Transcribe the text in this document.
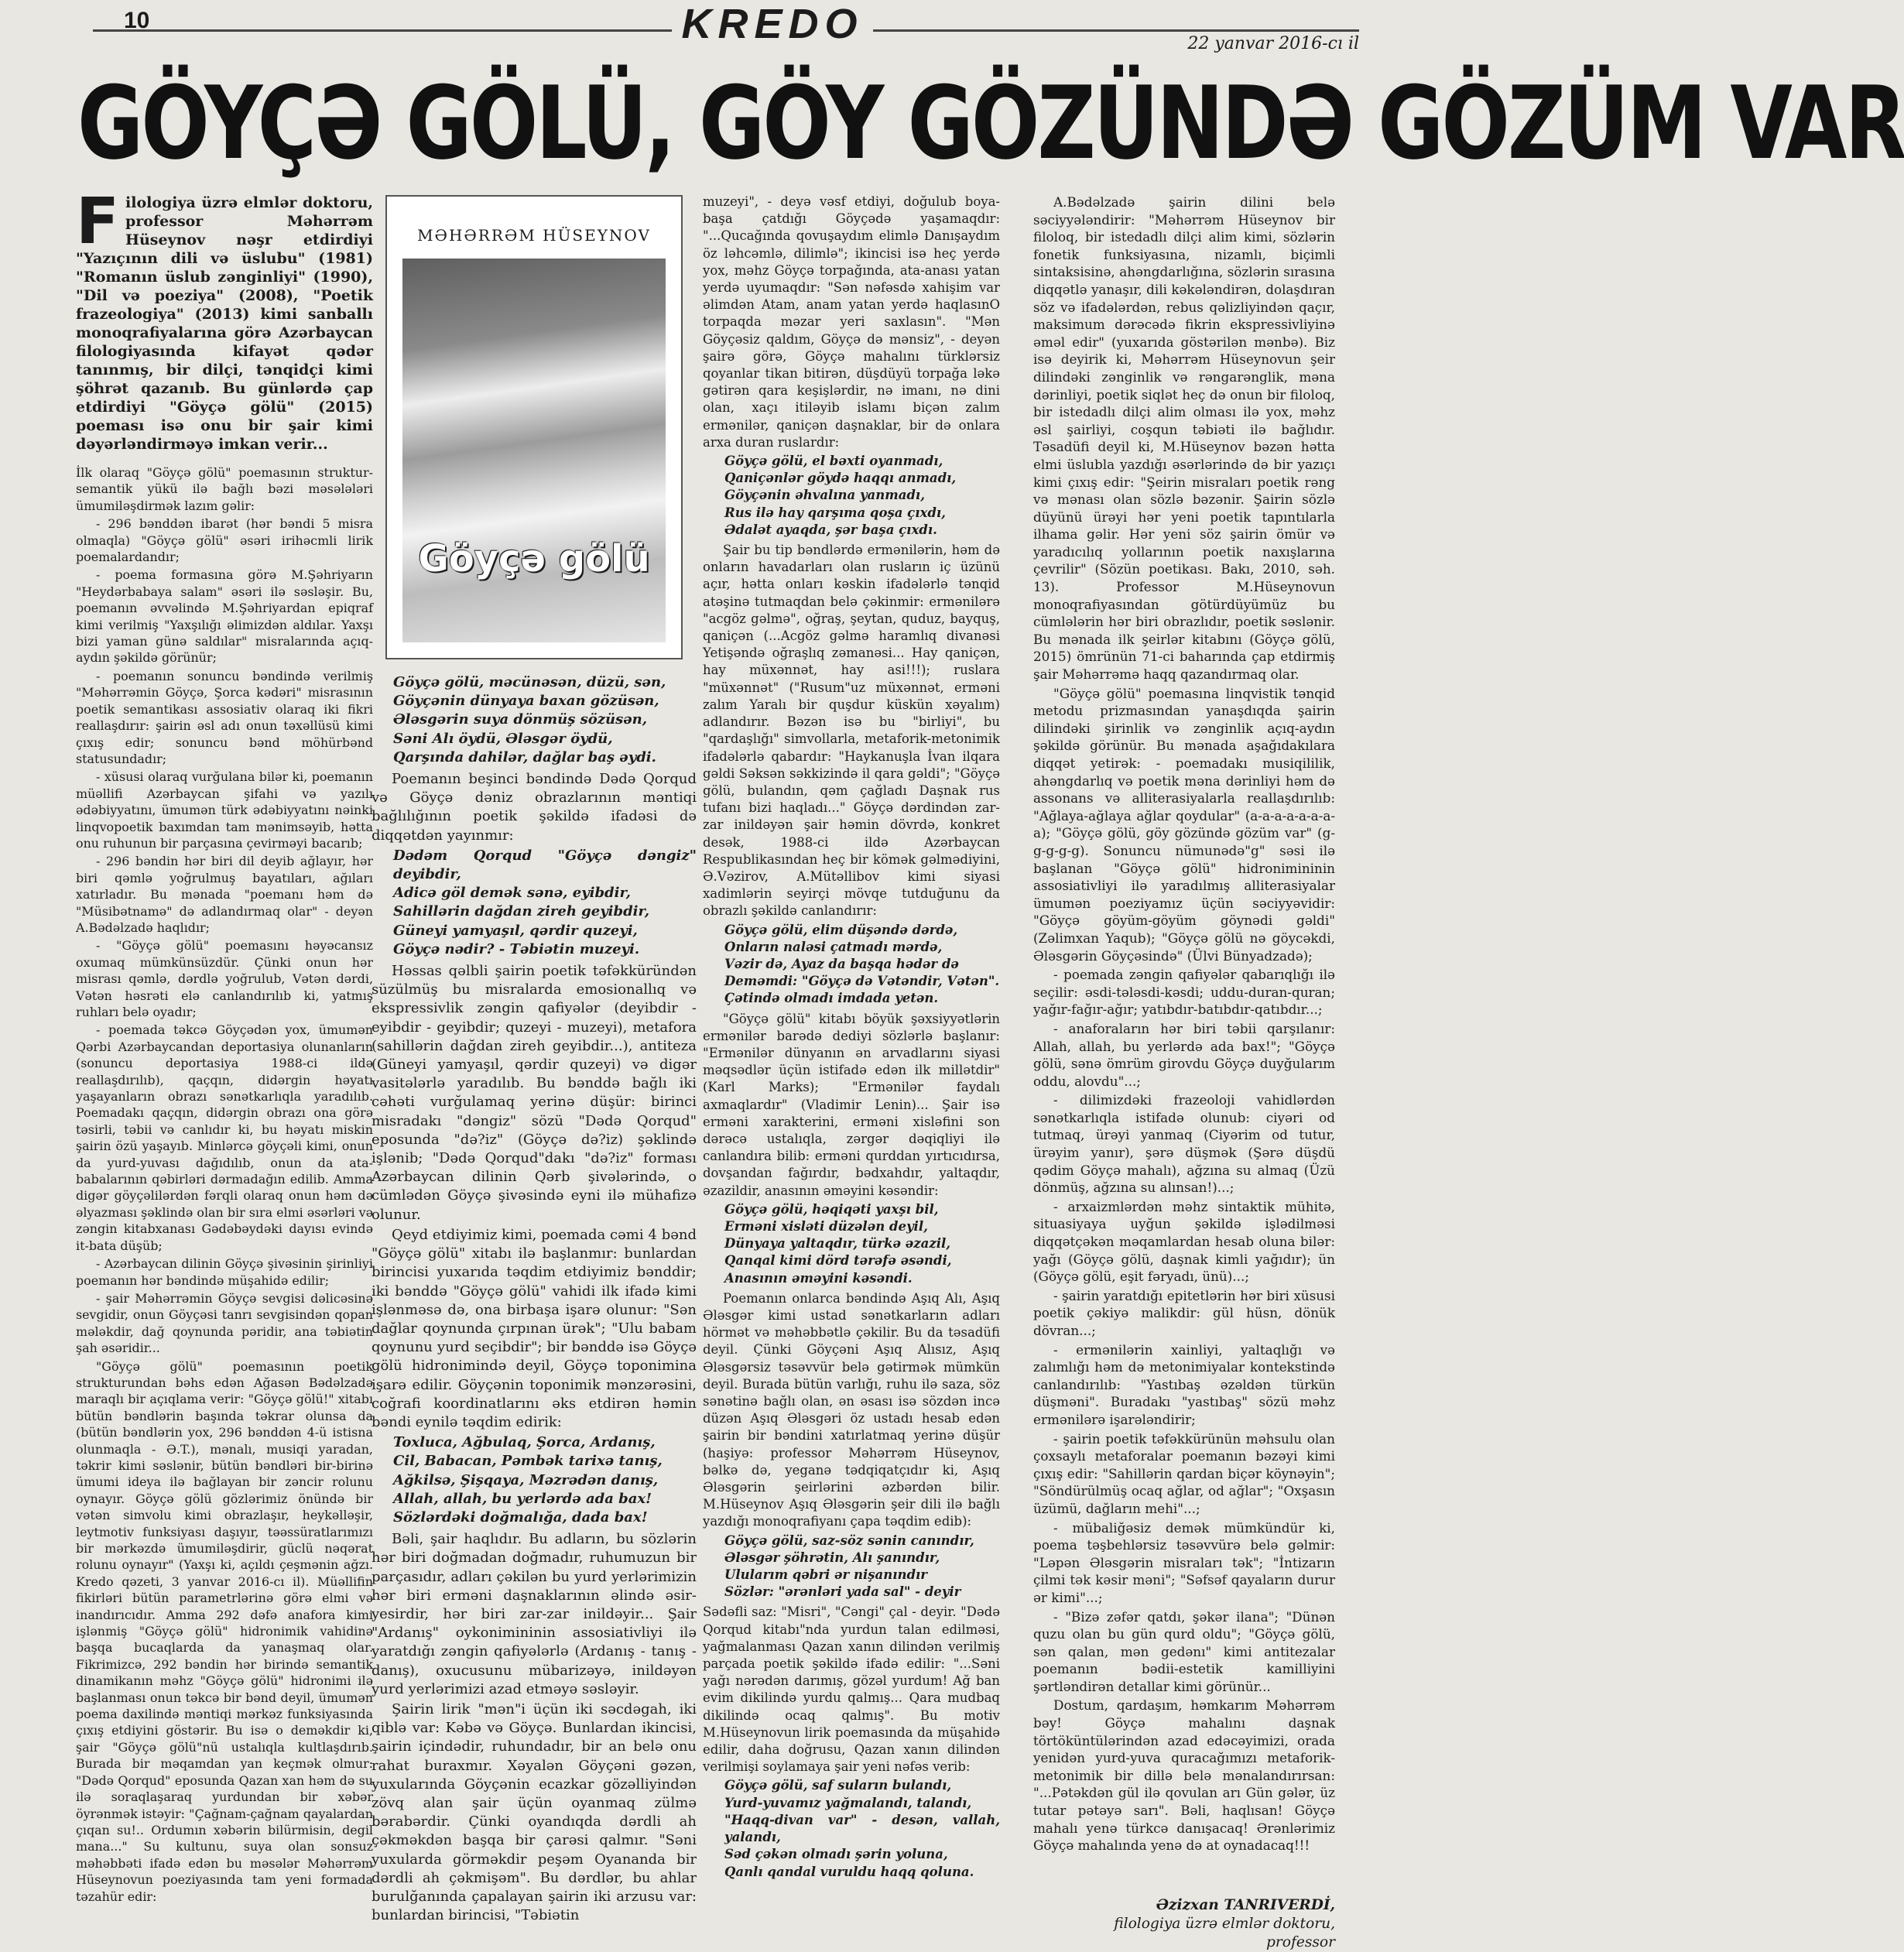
10	KREDO	22 yanvar 2016-cı il
GÖYÇƏ GÖLÜ, GÖY GÖZÜNDƏ GÖZÜM VAR
Filologiya üzrə elmlər doktoru, professor Məhərrəm Hüseynov nəşr etdirdiyi "Yazıçının dili və üslubu" (1981) "Romanın üslub zənginliyi" (1990), "Dil və poeziya" (2008), "Poetik frazeologiya" (2013) kimi sanballı monoqrafiyalarına görə Azərbaycan filologiyasında kifayət qədər tanınmış, bir dilçi, tənqidçi kimi şöhrət qazanıb. Bu günlərdə çap etdirdiyi "Göyçə gölü" (2015) poeması isə onu bir şair kimi dəyərləndirməyə imkan verir...

İlk olaraq "Göyçə gölü" poemasının struktur-semantik yükü ilə bağlı bəzi məsələləri ümumiləşdirmək lazım gəlir:

- 296 bənddən ibarət (hər bəndi 5 misra olmaqla) "Göyçə gölü" əsəri irihəcmli lirik poemalardandır;

- poema formasına görə M.Şəhriyarın "Heydərbabaya salam" əsəri ilə səsləşir. Bu, poemanın əvvəlində M.Şəhriyardan epiqraf kimi verilmiş "Yaxşılığı əlimizdən aldılar. Yaxşı bizi yaman günə saldılar" misralarında açıq-aydın şəkildə görünür;

- poemanın sonuncu bəndində verilmiş "Məhərrəmin Göyçə, Şorca kədəri" misrasının poetik semantikası assosiativ olaraq iki fikri reallaşdırır: şairin əsl adı onun təxəllüsü kimi çıxış edir; sonuncu bənd möhürbənd statusundadır;

- xüsusi olaraq vurğulana bilər ki, poemanın müəllifi Azərbaycan şifahi və yazılı ədəbiyyatını, ümumən türk ədəbiyyatını nəinki linqvopoetik baxımdan tam mənimsəyib, hətta onu ruhunun bir parçasına çevirməyi bacarıb;

- 296 bəndin hər biri dil deyib ağlayır, hər biri qəmlə yoğrulmuş bayatıları, ağıları xatırladır. Bu mənada "poemanı həm də "Müsibətnamə" də adlandırmaq olar" - deyən A.Bədəlzadə haqlıdır;

- "Göyçə gölü" poemasını həyəcansız oxumaq mümkünsüzdür. Çünki onun hər misrası qəmlə, dərdlə yoğrulub, Vətən dərdi, Vətən həsrəti elə canlandırılıb ki, yatmış ruhları belə oyadır;

- poemada təkcə Göyçədən yox, ümumən Qərbi Azərbaycandan deportasiya olunanların (sonuncu deportasiya 1988-ci ildə reallaşdırılıb), qaçqın, didərgin həyatı yaşayanların obrazı sənətkarlıqla yaradılıb. Poemadakı qaçqın, didərgin obrazı ona görə təsirli, təbii və canlıdır ki, bu həyatı miskin şairin özü yaşayıb. Minlərcə göyçəli kimi, onun da yurd-yuvası dağıdılıb, onun da ata-babalarının qəbirləri dərmadağın edilib. Amma digər göyçəlilərdən fərqli olaraq onun həm də əlyazması şəklində olan bir sıra elmi əsərləri və zəngin kitabxanası Gədəbəydəki dayısı evində it-bata düşüb;

- Azərbaycan dilinin Göyçə şivəsinin şirinliyi poemanın hər bəndində müşahidə edilir;

- şair Məhərrəmin Göyçə sevgisi dəlicəsinə sevgidir, onun Göyçəsi tanrı sevgisindən qopan mələkdir, dağ qoynunda pəridir, ana təbiətin şah əsəridir...

"Göyçə gölü" poemasının poetik strukturundan bəhs edən Ağasən Bədəlzadə maraqlı bir açıqlama verir: "Göyçə gölü!" xitabı bütün bəndlərin başında təkrar olunsa da (bütün bəndlərin yox, 296 bənddən 4-ü istisna olunmaqla - Ə.T.), mənalı, musiqi yaradan, təkrir kimi səslənir, bütün bəndləri bir-birinə ümumi ideya ilə bağlayan bir zəncir rolunu oynayır. Göyçə gölü gözlərimiz önündə bir vətən simvolu kimi obrazlaşır, heykəlləşir, leytmotiv funksiyası daşıyır, təəssüratlarımızı bir mərkəzdə ümumiləşdirir, güclü nəqərat rolunu oynayır" (Yaxşı ki, açıldı çeşmənin ağzı. Kredo qəzeti, 3 yanvar 2016-cı il). Müəllifin fikirləri bütün parametrlərinə görə elmi və inandırıcıdır. Amma 292 dəfə anafora kimi işlənmiş "Göyçə gölü" hidronimik vahidinə başqa bucaqlarda da yanaşmaq olar. Fikrimizcə, 292 bəndin hər birində semantik dinamikanın məhz "Göyçə gölü" hidronimi ilə başlanması onun təkcə bir bənd deyil, ümumən poema daxilində məntiqi mərkəz funksiyasında çıxış etdiyini göstərir. Bu isə o deməkdir ki, şair "Göyçə gölü"nü ustalıqla kultlaşdırıb. Burada bir məqamdan yan keçmək olmur: "Dədə Qorqud" eposunda Qazan xan həm də su ilə soraqlaşaraq yurdundan bir xəbər öyrənmək istəyir: "Çağnam-çağnam qayalardan çıqan su!.. Ordumın xəbərin bilürmisin, degil mana..." Su kultunu, suya olan sonsuz məhəbbəti ifadə edən bu məsələr Məhərrəm Hüseynovun poeziyasında tam yeni formada təzahür edir:

MƏHƏRRƏM HÜSEYNOV
Göyçə gölü
Göyçə gölü, məcünəsən, düzü, sən,
Göyçənin dünyaya baxan gözüsən,
Ələsgərin suya dönmüş sözüsən,
Səni Alı öydü, Ələsgər öydü,
Qarşında dahilər, dağlar baş əydi.

Poemanın beşinci bəndində Dədə Qorqud və Göyçə dəniz obrazlarının məntiqi bağlılığının poetik şəkildə ifadəsi də diqqətdən yayınmır:

Dədəm Qorqud "Göyçə dəngiz" deyibdir,
Adicə göl demək sənə, eyibdir,
Sahillərin dağdan zireh geyibdir,
Güneyi yamyaşıl, qərdir quzeyi,
Göyçə nədir? - Təbiətin muzeyi.

Həssas qəlbli şairin poetik təfəkküründən süzülmüş bu misralarda emosionallıq və ekspressivlik zəngin qafiyələr (deyibdir - eyibdir - geyibdir; quzeyi - muzeyi), metafora (sahillərin dağdan zireh geyibdir...), antiteza (Güneyi yamyaşıl, qərdir quzeyi) və digər vasitələrlə yaradılıb. Bu bənddə bağlı iki cəhəti vurğulamaq yerinə düşür: birinci misradakı "dəngiz" sözü "Dədə Qorqud" eposunda "də?iz" (Göyçə də?iz) şəklində işlənib; "Dədə Qorqud"dakı "də?iz" forması Azərbaycan dilinin Qərb şivələrində, o cümlədən Göyçə şivəsində eyni ilə mühafizə olunur.

Qeyd etdiyimiz kimi, poemada cəmi 4 bənd "Göyçə gölü" xitabı ilə başlanmır: bunlardan birincisi yuxarıda təqdim etdiyimiz bənddir; iki bənddə "Göyçə gölü" vahidi ilk ifadə kimi işlənməsə də, ona birbaşa işarə olunur: "Sən dağlar qoynunda çırpınan ürək"; "Ulu babam qoynunu yurd seçibdir"; bir bənddə isə Göyçə gölü hidronimində deyil, Göyçə toponimina işarə edilir. Göyçənin toponimik mənzərəsini, coğrafi koordinatlarını əks etdirən həmin bəndi eynilə təqdim edirik:

Toxluca, Ağbulaq, Şorca, Ardanış,
Cil, Babacan, Pəmbək tarixə tanış,
Ağkilsə, Şişqaya, Məzrədən danış,
Allah, allah, bu yerlərdə ada bax!
Sözlərdəki doğmalığa, dada bax!

Bəli, şair haqlıdır. Bu adların, bu sözlərin hər biri doğmadan doğmadır, ruhumuzun bir parçasıdır, adları çəkilən bu yurd yerlərimizin hər biri erməni daşnaklarının əlində əsir-yesirdir, hər biri zar-zar inildəyir... Şair "Ardanış" oykonimininin assosiativliyi ilə yaratdığı zəngin qafiyələrlə (Ardanış - tanış - danış), oxucusunu mübarizəyə, inildəyən yurd yerlərimizi azad etməyə səsləyir.

Şairin lirik "mən"i üçün iki səcdəgah, iki qiblə var: Kəbə və Göyçə. Bunlardan ikincisi, şairin içindədir, ruhundadır, bir an belə onu rahat buraxmır. Xəyalən Göyçəni gəzən, yuxularında Göyçənin ecazkar gözəlliyindən zövq alan şair üçün oyanmaq zülmə bərabərdir. Çünki oyandıqda dərdli ah çəkməkdən başqa bir çarəsi qalmır. "Səni yuxularda görməkdir peşəm Oyananda bir dərdli ah çəkmişəm". Bu dərdlər, bu ahlar burulğanında çapalayan şairin iki arzusu var: bunlardan birincisi, "Təbiətin

muzeyi", - deyə vəsf etdiyi, doğulub boya-başa çatdığı Göyçədə yaşamaqdır: "...Qucağında qovuşaydım elimlə Danışaydım öz ləhcəmlə, dilimlə"; ikincisi isə heç yerdə yox, məhz Göyçə torpağında, ata-anası yatan yerdə uyumaqdır: "Sən nəfəsdə xahişim var əlimdən Atam, anam yatan yerdə haqlasınO torpaqda məzar yeri saxlasın". "Mən Göyçəsiz qaldım, Göyçə də mənsiz", - deyən şairə görə, Göyçə mahalını türklərsiz qoyanlar tikan bitirən, düşdüyü torpağa ləkə gətirən qara keşişlərdir, nə imanı, nə dini olan, xaçı itiləyib islamı biçən zalım ermənilər, qaniçən daşnaklar, bir də onlara arxa duran ruslardır:

Göyçə gölü, el bəxti oyanmadı,
Qaniçənlər göydə haqqı anmadı,
Göyçənin əhvalına yanmadı,
Rus ilə hay qarşıma qoşa çıxdı,
Ədalət ayaqda, şər başa çıxdı.

Şair bu tip bəndlərdə ermənilərin, həm də onların havadarları olan rusların iç üzünü açır, hətta onları kəskin ifadələrlə tənqid atəşinə tutmaqdan belə çəkinmir: ermənilərə "acgöz gəlmə", oğraş, şeytan, quduz, bayquş, qaniçən (...Acgöz gəlmə haramlıq divanəsi Yetişəndə oğraşlıq zəmanəsi... Hay qaniçən, hay müxənnət, hay asi!!!); ruslara "müxənnət" ("Rusum"uz müxənnət, erməni zalım Yaralı bir quşdur küskün xəyalım) adlandırır. Bəzən isə bu "birliyi", bu "qardaşlığı" simvollarla, metaforik-metonimik ifadələrlə qabardır: "Haykanuşla İvan ilqara gəldi Səksən səkkizində il qara gəldi"; "Göyçə gölü, bulandın, qəm çağladı Daşnak rus tufanı bizi haqladı..." Göyçə dərdindən zar-zar inildəyən şair həmin dövrdə, konkret desək, 1988-ci ildə Azərbaycan Respublikasından heç bir kömək gəlmədiyini, Ə.Vəzirov, A.Mütəllibov kimi siyasi xadimlərin seyirçi mövqe tutduğunu da obrazlı şəkildə canlandırır:

Göyçə gölü, elim düşəndə dərdə,
Onların naləsi çatmadı mərdə,
Vəzir də, Ayaz da başqa hədər də
Deməmdi: "Göyçə də Vətəndir, Vətən".
Çətində olmadı imdada yetən.

"Göyçə gölü" kitabı böyük şəxsiyyətlərin ermənilər barədə dediyi sözlərlə başlanır: "Ermənilər dünyanın ən arvadlarını siyasi məqsədlər üçün istifadə edən ilk millətdir" (Karl Marks); "Ermənilər faydalı axmaqlardır" (Vladimir Lenin)... Şair isə erməni xarakterini, erməni xisləfini son dərəcə ustalıqla, zərgər dəqiqliyi ilə canlandıra bilib: erməni qurddan yırtıcıdırsa, dovşandan fağırdır, bədxahdır, yaltaqdır, əzazildir, anasının əməyini kəsəndir:

Göyçə gölü, həqiqəti yaxşı bil,
Erməni xisləti düzələn deyil,
Dünyaya yaltaqdır, türkə əzazil,
Qanqal kimi dörd tərəfə əsəndi,
Anasının əməyini kəsəndi.

Poemanın onlarca bəndində Aşıq Alı, Aşıq Ələsgər kimi ustad sənətkarların adları hörmət və məhəbbətlə çəkilir. Bu da təsadüfi deyil. Çünki Göyçəni Aşıq Alısız, Aşıq Ələsgərsiz təsəvvür belə gətirmək mümkün deyil. Burada bütün varlığı, ruhu ilə saza, söz sənətinə bağlı olan, ən əsası isə sözdən incə düzən Aşıq Ələsgəri öz ustadı hesab edən şairin bir bəndini xatırlatmaq yerinə düşür (haşiyə: professor Məhərrəm Hüseynov, bəlkə də, yeganə tədqiqatçıdır ki, Aşıq Ələsgərin şeirlərini əzbərdən bilir. M.Hüseynov Aşıq Ələsgərin şeir dili ilə bağlı yazdığı monoqrafiyanı çapa təqdim edib):

Göyçə gölü, saz-söz sənin canındır,
Ələsgər şöhrətin, Alı şanındır,
Ulularım qəbri ər nişanındır
Sözlər: "ərənləri yada sal" - deyir

Sədəfli saz: "Misri", "Cəngi" çal - deyir. "Dədə Qorqud kitabı"nda yurdun talan edilməsi, yağmalanması Qazan xanın dilindən verilmiş parçada poetik şəkildə ifadə edilir: "...Səni yağı nərədən darımış, gözəl yurdum! Ağ ban evim dikilində yurdu qalmış... Qara mudbaq dikilində ocaq qalmış". Bu motiv M.Hüseynovun lirik poemasında da müşahidə edilir, daha doğrusu, Qazan xanın dilindən verilmişi soylamaya şair yeni nəfəs verib:

Göyçə gölü, saf suların bulandı,
Yurd-yuvamız yağmalandı, talandı,
"Haqq-divan var" - desən, vallah, yalandı,
Səd çəkən olmadı şərin yoluna,
Qanlı qandal vuruldu haqq qoluna.

A.Bədəlzadə şairin dilini belə səciyyələndirir: "Məhərrəm Hüseynov bir filoloq, bir istedadlı dilçi alim kimi, sözlərin fonetik funksiyasına, nizamlı, biçimli sintaksisinə, ahəngdarlığına, sözlərin sırasına diqqətlə yanaşır, dili kəkələndirən, dolaşdıran söz və ifadələrdən, rebus qəlizliyindən qaçır, maksimum dərəcədə fikrin ekspressivliyinə əməl edir" (yuxarıda göstərilən mənbə). Biz isə deyirik ki, Məhərrəm Hüseynovun şeir dilindəki zənginlik və rəngarənglik, məna dərinliyi, poetik siqlət heç də onun bir filoloq, bir istedadlı dilçi alim olması ilə yox, məhz əsl şairliyi, coşqun təbiəti ilə bağlıdır. Təsadüfi deyil ki, M.Hüseynov bəzən hətta elmi üslubla yazdığı əsərlərində də bir yazıçı kimi çıxış edir: "Şeirin misraları poetik rəng və mənası olan sözlə bəzənir. Şairin sözlə düyünü ürəyi hər yeni poetik tapıntılarla ilhama gəlir. Hər yeni söz şairin ömür və yaradıcılıq yollarının poetik naxışlarına çevrilir" (Sözün poetikası. Bakı, 2010, səh. 13). Professor M.Hüseynovun monoqrafiyasından götürdüyümüz bu cümlələrin hər biri obrazlıdır, poetik səslənir. Bu mənada ilk şeirlər kitabını (Göyçə gölü, 2015) ömrünün 71-ci baharında çap etdirmiş şair Məhərrəmə haqq qazandırmaq olar.

"Göyçə gölü" poemasına linqvistik tənqid metodu prizmasından yanaşdıqda şairin dilindəki şirinlik və zənginlik açıq-aydın şəkildə görünür. Bu mənada aşağıdakılara diqqət yetirək: - poemadakı musiqililik, ahəngdarlıq və poetik məna dərinliyi həm də assonans və alliterasiyalarla reallaşdırılıb: "Ağlaya-ağlaya ağlar qoydular" (a-a-a-a-a-a-a-a); "Göyçə gölü, göy gözündə gözüm var" (g-g-g-g-g). Sonuncu nümunədə"g" səsi ilə başlanan "Göyçə gölü" hidronimininin assosiativliyi ilə yaradılmış alliterasiyalar ümumən poeziyamız üçün səciyyəvidir: "Göyçə göyüm-göyüm göynədi gəldi" (Zəlimxan Yaqub); "Göyçə gölü nə göycəkdi, Ələsgərin Göyçəsində" (Ülvi Bünyadzadə);

- poemada zəngin qafiyələr qabarıqlığı ilə seçilir: əsdi-tələsdi-kəsdi; uddu-duran-quran; yağır-fağır-ağır; yatıbdır-batıbdır-qatıbdır...;

- anaforaların hər biri təbii qarşılanır: Allah, allah, bu yerlərdə ada bax!"; "Göyçə gölü, sənə ömrüm girovdu Göyçə duyğularım oddu, alovdu"...;

- dilimizdəki frazeoloji vahidlərdən sənətkarlıqla istifadə olunub: ciyəri od tutmaq, ürəyi yanmaq (Ciyərim od tutur, ürəyim yanır), şərə düşmək (Şərə düşdü qədim Göyçə mahalı), ağzına su almaq (Üzü dönmüş, ağzına su alınsan!)...;

- arxaizmlərdən məhz sintaktik mühitə, situasiyaya uyğun şəkildə işlədilməsi diqqətçəkən məqamlardan hesab oluna bilər: yağı (Göyçə gölü, daşnak kimli yağıdır); ün (Göyçə gölü, eşit fəryadı, ünü)...;

- şairin yaratdığı epitetlərin hər biri xüsusi poetik çəkiyə malikdir: gül hüsn, dönük dövran...;

- ermənilərin xainliyi, yaltaqlığı və zalımlığı həm də metonimiyalar kontekstində canlandırılıb: "Yastıbaş əzəldən türkün düşməni". Buradakı "yastıbaş" sözü məhz ermənilərə işarələndirir;

- şairin poetik təfəkkürünün məhsulu olan çoxsaylı metaforalar poemanın bəzəyi kimi çıxış edir: "Sahillərin qardan biçər köynəyin"; "Söndürülmüş ocaq ağlar, od ağlar"; "Oxşasın üzümü, dağların mehi"...;

- mübaliğəsiz demək mümkündür ki, poema təşbehlərsiz təsəvvürə belə gəlmir: "Ləpən Ələsgərin misraları tək"; "İntizarın çilmi tək kəsir məni"; "Səfsəf qayaların durur ər kimi"...;

- "Bizə zəfər qatdı, şəkər ilana"; "Dünən quzu olan bu gün qurd oldu"; "Göyçə gölü, sən qalan, mən gedənı" kimi antitezalar poemanın bədii-estetik kamilliyini şərtləndirən detallar kimi görünür...

Dostum, qardaşım, həmkarım Məhərrəm bəy! Göyçə mahalını daşnak törtöküntülərindən azad edəcəyimizi, orada yenidən yurd-yuva quracağımızı metaforik-metonimik bir dillə belə mənalandırırsan: "...Pətəkdən gül ilə qovulan arı Gün gələr, üz tutar pətəyə sarı". Bəli, haqlısan! Göyçə mahalı yenə türkcə danışacaq! Ərənlərimiz Göyçə mahalında yenə də at oynadacaq!!!

Əzizxan TANRIVERDİ,
filologiya üzrə elmlər doktoru,
professor
